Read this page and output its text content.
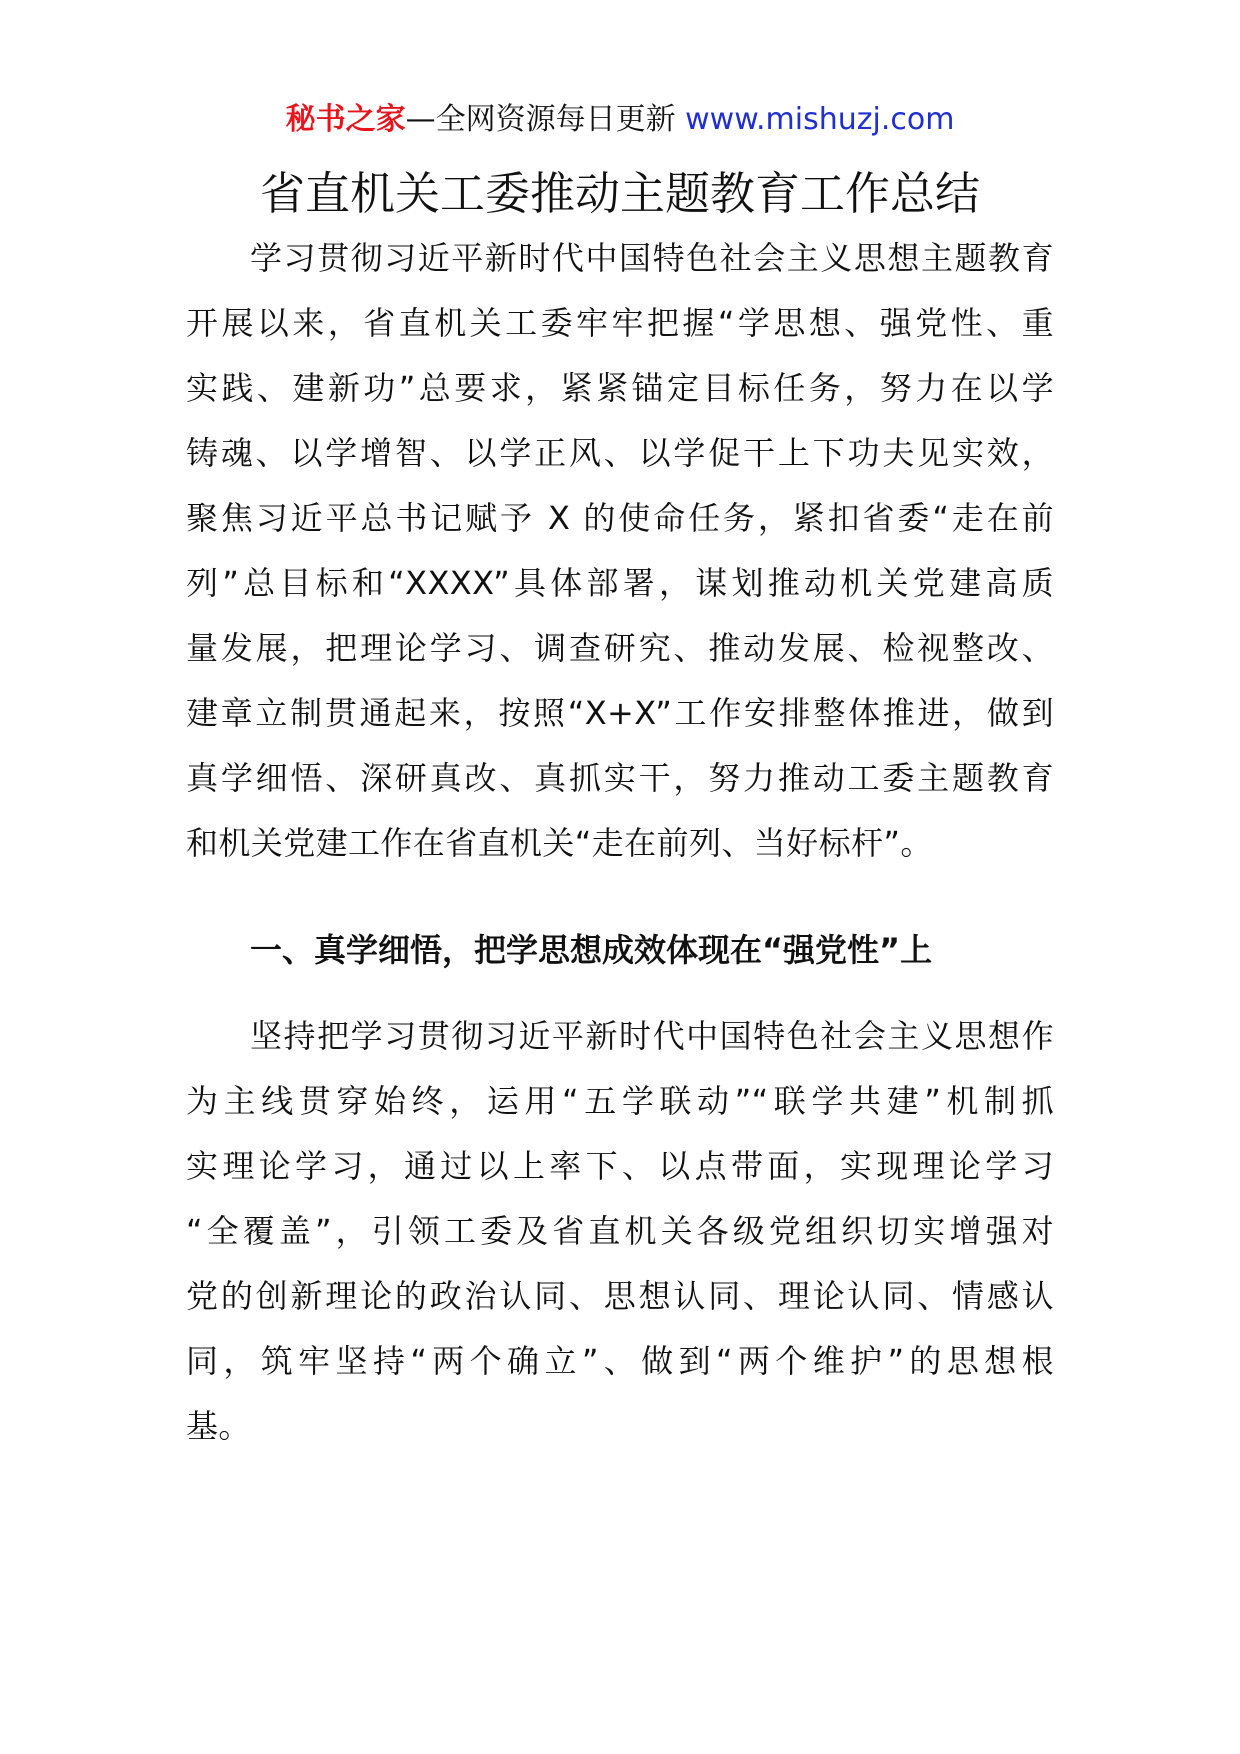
秘书之家—全网资源每日更新 www.mishuzj.com
省直机关工委推动主题教育工作总结

学习贯彻习近平新时代中国特色社会主义思想主题教育
开展以来，省直机关工委牢牢把握“学思想、强党性、重
实践、建新功”总要求，紧紧锚定目标任务，努力在以学
铸魂、以学增智、以学正风、以学促干上下功夫见实效，
聚焦习近平总书记赋予 X 的使命任务，紧扣省委“走在前
列”总目标和“XXXX”具体部署，谋划推动机关党建高质
量发展，把理论学习、调查研究、推动发展、检视整改、
建章立制贯通起来，按照“X+X”工作安排整体推进，做到
真学细悟、深研真改、真抓实干，努力推动工委主题教育
和机关党建工作在省直机关“走在前列、当好标杆”。

一、真学细悟，把学思想成效体现在“强党性”上

坚持把学习贯彻习近平新时代中国特色社会主义思想作
为主线贯穿始终，运用“五学联动”“联学共建”机制抓
实理论学习，通过以上率下、以点带面，实现理论学习
“全覆盖”，引领工委及省直机关各级党组织切实增强对
党的创新理论的政治认同、思想认同、理论认同、情感认
同，筑牢坚持“两个确立”、做到“两个维护”的思想根
基。
